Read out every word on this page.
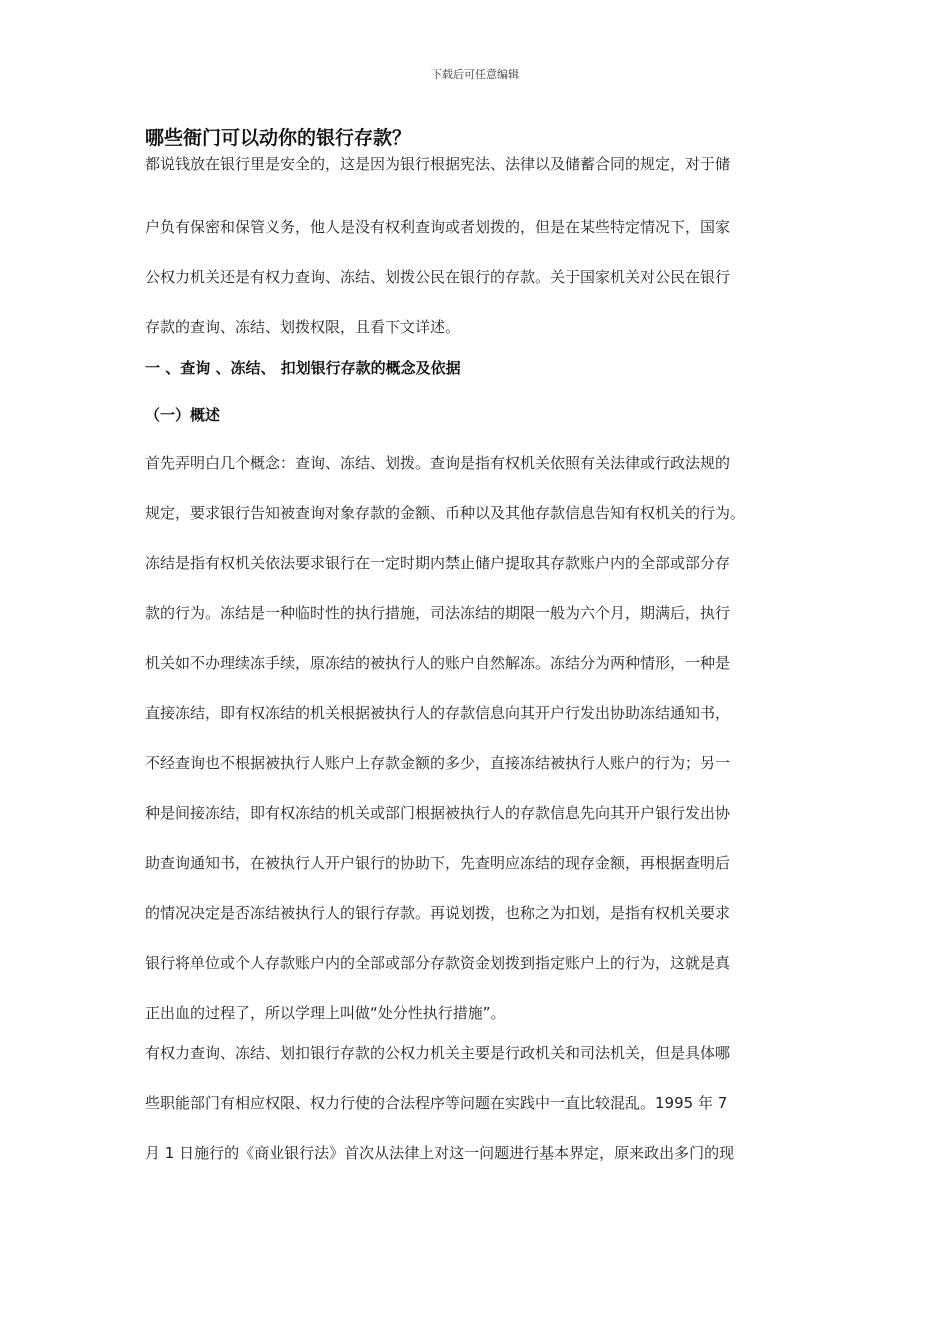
下载后可任意编辑
哪些衙门可以动你的银行存款？
都说钱放在银行里是安全的，这是因为银行根据宪法、法律以及储蓄合同的规定，对于储
户负有保密和保管义务，他人是没有权利查询或者划拨的，但是在某些特定情况下，国家
公权力机关还是有权力查询、冻结、划拨公民在银行的存款。关于国家机关对公民在银行
存款的查询、冻结、划拨权限，且看下文详述。
一 、查询 、冻结、 扣划银行存款的概念及依据
（一）概述
首先弄明白几个概念：查询、冻结、划拨。查询是指有权机关依照有关法律或行政法规的
规定，要求银行告知被查询对象存款的金额、币种以及其他存款信息告知有权机关的行为。
冻结是指有权机关依法要求银行在一定时期内禁止储户提取其存款账户内的全部或部分存
款的行为。冻结是一种临时性的执行措施，司法冻结的期限一般为六个月，期满后，执行
机关如不办理续冻手续，原冻结的被执行人的账户自然解冻。冻结分为两种情形，一种是
直接冻结，即有权冻结的机关根据被执行人的存款信息向其开户行发出协助冻结通知书，
不经查询也不根据被执行人账户上存款金额的多少，直接冻结被执行人账户的行为；另一
种是间接冻结，即有权冻结的机关或部门根据被执行人的存款信息先向其开户银行发出协
助查询通知书，在被执行人开户银行的协助下，先查明应冻结的现存金额，再根据查明后
的情况决定是否冻结被执行人的银行存款。再说划拨，也称之为扣划，是指有权机关要求
银行将单位或个人存款账户内的全部或部分存款资金划拨到指定账户上的行为，这就是真
正出血的过程了，所以学理上叫做“处分性执行措施”。
有权力查询、冻结、划扣银行存款的公权力机关主要是行政机关和司法机关，但是具体哪
些职能部门有相应权限、权力行使的合法程序等问题在实践中一直比较混乱。1995 年 7
月 1 日施行的《商业银行法》首次从法律上对这一问题进行基本界定，原来政出多门的现
